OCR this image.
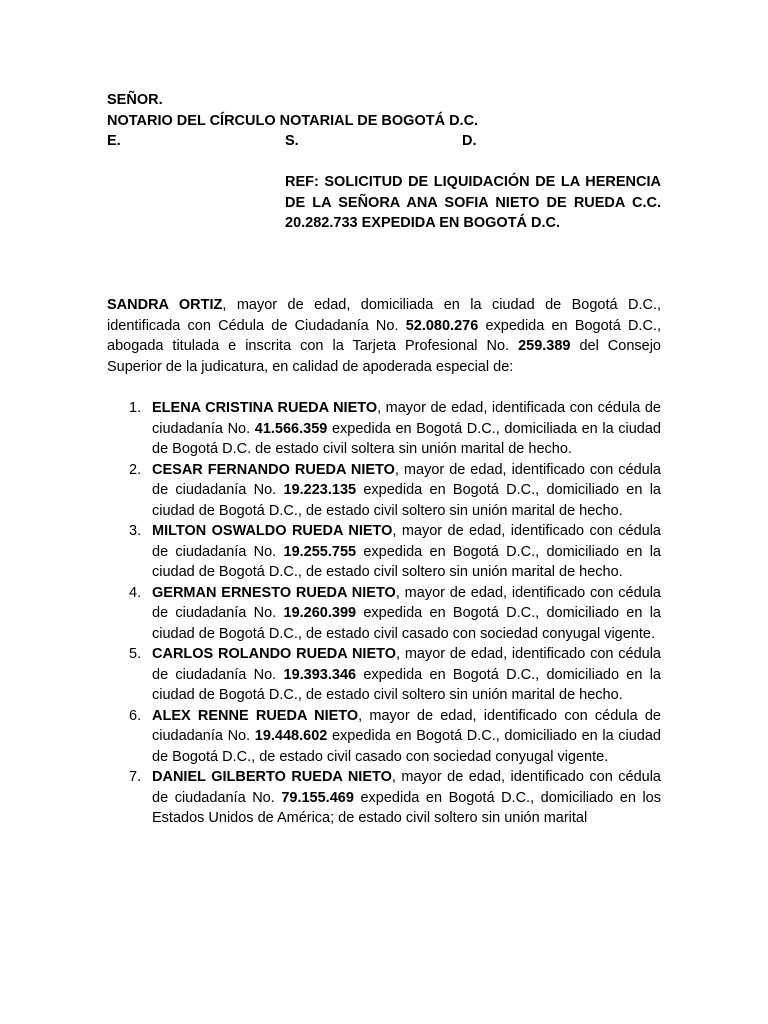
SEÑOR.
NOTARIO DEL CÍRCULO NOTARIAL DE BOGOTÁ D.C.
E.	S.	D.
REF: SOLICITUD DE LIQUIDACIÓN DE LA HERENCIA DE LA SEÑORA ANA SOFIA NIETO DE RUEDA C.C. 20.282.733 EXPEDIDA EN BOGOTÁ D.C.

SANDRA ORTIZ, mayor de edad, domiciliada en la ciudad de Bogotá D.C., identificada con Cédula de Ciudadanía No. 52.080.276 expedida en Bogotá D.C., abogada titulada e inscrita con la Tarjeta Profesional No. 259.389 del Consejo Superior de la judicatura, en calidad de apoderada especial de:

1. ELENA CRISTINA RUEDA NIETO, mayor de edad, identificada con cédula de ciudadanía No. 41.566.359 expedida en Bogotá D.C., domiciliada en la ciudad de Bogotá D.C. de estado civil soltera sin unión marital de hecho.
2. CESAR FERNANDO RUEDA NIETO, mayor de edad, identificado con cédula de ciudadanía No. 19.223.135 expedida en Bogotá D.C., domiciliado en la ciudad de Bogotá D.C., de estado civil soltero sin unión marital de hecho.
3. MILTON OSWALDO RUEDA NIETO, mayor de edad, identificado con cédula de ciudadanía No. 19.255.755 expedida en Bogotá D.C., domiciliado en la ciudad de Bogotá D.C., de estado civil soltero sin unión marital de hecho.
4. GERMAN ERNESTO RUEDA NIETO, mayor de edad, identificado con cédula de ciudadanía No. 19.260.399 expedida en Bogotá D.C., domiciliado en la ciudad de Bogotá D.C., de estado civil casado con sociedad conyugal vigente.
5. CARLOS ROLANDO RUEDA NIETO, mayor de edad, identificado con cédula de ciudadanía No. 19.393.346 expedida en Bogotá D.C., domiciliado en la ciudad de Bogotá D.C., de estado civil soltero sin unión marital de hecho.
6. ALEX RENNE RUEDA NIETO, mayor de edad, identificado con cédula de ciudadanía No. 19.448.602 expedida en Bogotá D.C., domiciliado en la ciudad de Bogotá D.C., de estado civil casado con sociedad conyugal vigente.
7. DANIEL GILBERTO RUEDA NIETO, mayor de edad, identificado con cédula de ciudadanía No. 79.155.469 expedida en Bogotá D.C., domiciliado en los Estados Unidos de América; de estado civil soltero sin unión marital
